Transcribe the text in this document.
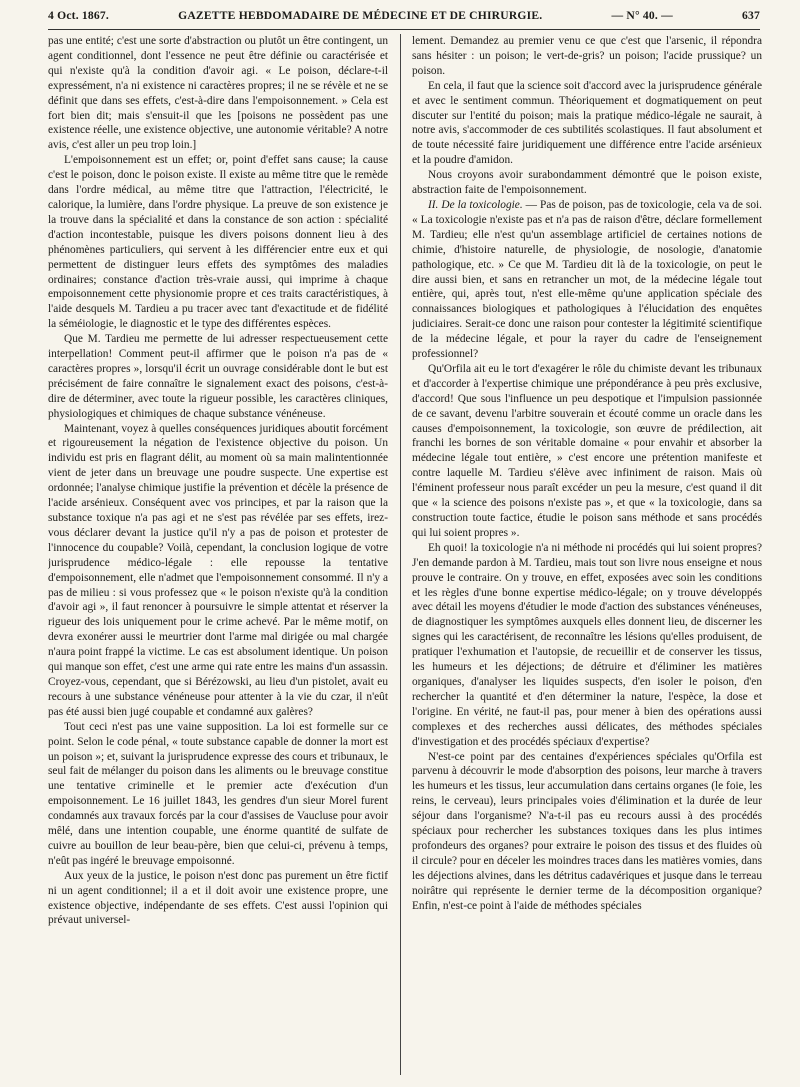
4 Oct. 1867.	GAZETTE HEBDOMADAIRE DE MÉDECINE ET DE CHIRURGIE.	— N° 40. —	637

pas une entité; c'est une sorte d'abstraction ou plutôt un être contingent, un agent conditionnel, dont l'essence ne peut être définie ou caractérisée et qui n'existe qu'à la condition d'avoir agi. « Le poison, déclare-t-il expressément, n'a ni existence ni caractères propres; il ne se révèle et ne se définit que dans ses effets, c'est-à-dire dans l'empoisonnement. » Cela est fort bien dit; mais s'ensuit-il que les [poisons ne possèdent pas une existence réelle, une existence objective, une autonomie véritable? A notre avis, c'est aller un peu trop loin.]

L'empoisonnement est un effet; or, point d'effet sans cause; la cause c'est le poison, donc le poison existe. Il existe au même titre que le remède dans l'ordre médical, au même titre que l'attraction, l'électricité, le calorique, la lumière, dans l'ordre physique. La preuve de son existence je la trouve dans la spécialité et dans la constance de son action : spécialité d'action incontestable, puisque les divers poisons donnent lieu à des phénomènes particuliers, qui servent à les différencier entre eux et qui permettent de distinguer leurs effets des symptômes des maladies ordinaires; constance d'action très-vraie aussi, qui imprime à chaque empoisonnement cette physionomie propre et ces traits caractéristiques, à l'aide desquels M. Tardieu a pu tracer avec tant d'exactitude et de fidélité la séméiologie, le diagnostic et le type des différentes espèces.

Que M. Tardieu me permette de lui adresser respectueusement cette interpellation! Comment peut-il affirmer que le poison n'a pas de « caractères propres », lorsqu'il écrit un ouvrage considérable dont le but est précisément de faire connaître le signalement exact des poisons, c'est-à-dire de déterminer, avec toute la rigueur possible, les caractères cliniques, physiologiques et chimiques de chaque substance vénéneuse.

Maintenant, voyez à quelles conséquences juridiques aboutit forcément et rigoureusement la négation de l'existence objective du poison. Un individu est pris en flagrant délit, au moment où sa main malintentionnée vient de jeter dans un breuvage une poudre suspecte. Une expertise est ordonnée; l'analyse chimique justifie la prévention et décèle la présence de l'acide arsénieux. Conséquent avec vos principes, et par la raison que la substance toxique n'a pas agi et ne s'est pas révélée par ses effets, irez-vous déclarer devant la justice qu'il n'y a pas de poison et protester de l'innocence du coupable? Voilà, cependant, la conclusion logique de votre jurisprudence médico-légale : elle repousse la tentative d'empoisonnement, elle n'admet que l'empoisonnement consommé. Il n'y a pas de milieu : si vous professez que « le poison n'existe qu'à la condition d'avoir agi », il faut renoncer à poursuivre le simple attentat et réserver la rigueur des lois uniquement pour le crime achevé. Par le même motif, on devra exonérer aussi le meurtrier dont l'arme mal dirigée ou mal chargée n'aura point frappé la victime. Le cas est absolument identique. Un poison qui manque son effet, c'est une arme qui rate entre les mains d'un assassin. Croyez-vous, cependant, que si Bérézowski, au lieu d'un pistolet, avait eu recours à une substance vénéneuse pour attenter à la vie du czar, il n'eût pas été aussi bien jugé coupable et condamné aux galères?

Tout ceci n'est pas une vaine supposition. La loi est formelle sur ce point. Selon le code pénal, « toute substance capable de donner la mort est un poison »; et, suivant la jurisprudence expresse des cours et tribunaux, le seul fait de mélanger du poison dans les aliments ou le breuvage constitue une tentative criminelle et le premier acte d'exécution d'un empoisonnement. Le 16 juillet 1843, les gendres d'un sieur Morel furent condamnés aux travaux forcés par la cour d'assises de Vaucluse pour avoir mêlé, dans une intention coupable, une énorme quantité de sulfate de cuivre au bouillon de leur beau-père, bien que celui-ci, prévenu à temps, n'eût pas ingéré le breuvage empoisonné.

Aux yeux de la justice, le poison n'est donc pas purement un être fictif ni un agent conditionnel; il a et il doit avoir une existence propre, une existence objective, indépendante de ses effets. C'est aussi l'opinion qui prévaut universel-

lement. Demandez au premier venu ce que c'est que l'arsenic, il répondra sans hésiter : un poison; le vert-de-gris? un poison; l'acide prussique? un poison.

En cela, il faut que la science soit d'accord avec la jurisprudence générale et avec le sentiment commun. Théoriquement et dogmatiquement on peut discuter sur l'entité du poison; mais la pratique médico-légale ne saurait, à notre avis, s'accommoder de ces subtilités scolastiques. Il faut absolument et de toute nécessité faire juridiquement une différence entre l'acide arsénieux et la poudre d'amidon.

Nous croyons avoir surabondamment démontré que le poison existe, abstraction faite de l'empoisonnement.

II. De la toxicologie. — Pas de poison, pas de toxicologie, cela va de soi. « La toxicologie n'existe pas et n'a pas de raison d'être, déclare formellement M. Tardieu; elle n'est qu'un assemblage artificiel de certaines notions de chimie, d'histoire naturelle, de physiologie, de nosologie, d'anatomie pathologique, etc. » Ce que M. Tardieu dit là de la toxicologie, on peut le dire aussi bien, et sans en retrancher un mot, de la médecine légale tout entière, qui, après tout, n'est elle-même qu'une application spéciale des connaissances biologiques et pathologiques à l'élucidation des enquêtes judiciaires. Serait-ce donc une raison pour contester la légitimité scientifique de la médecine légale, et pour la rayer du cadre de l'enseignement professionnel?

Qu'Orfila ait eu le tort d'exagérer le rôle du chimiste devant les tribunaux et d'accorder à l'expertise chimique une prépondérance à peu près exclusive, d'accord! Que sous l'influence un peu despotique et l'impulsion passionnée de ce savant, devenu l'arbitre souverain et écouté comme un oracle dans les causes d'empoisonnement, la toxicologie, son œuvre de prédilection, ait franchi les bornes de son véritable domaine « pour envahir et absorber la médecine légale tout entière, » c'est encore une prétention manifeste et contre laquelle M. Tardieu s'élève avec infiniment de raison. Mais où l'éminent professeur nous paraît excéder un peu la mesure, c'est quand il dit que « la science des poisons n'existe pas », et que « la toxicologie, dans sa construction toute factice, étudie le poison sans méthode et sans procédés qui lui soient propres ».

Eh quoi! la toxicologie n'a ni méthode ni procédés qui lui soient propres? J'en demande pardon à M. Tardieu, mais tout son livre nous enseigne et nous prouve le contraire. On y trouve, en effet, exposées avec soin les conditions et les règles d'une bonne expertise médico-légale; on y trouve développés avec détail les moyens d'étudier le mode d'action des substances vénéneuses, de diagnostiquer les symptômes auxquels elles donnent lieu, de discerner les signes qui les caractérisent, de reconnaître les lésions qu'elles produisent, de pratiquer l'exhumation et l'autopsie, de recueillir et de conserver les tissus, les humeurs et les déjections; de détruire et d'éliminer les matières organiques, d'analyser les liquides suspects, d'en isoler le poison, d'en rechercher la quantité et d'en déterminer la nature, l'espèce, la dose et l'origine. En vérité, ne faut-il pas, pour mener à bien des opérations aussi complexes et des recherches aussi délicates, des méthodes spéciales d'investigation et des procédés spéciaux d'expertise?

N'est-ce point par des centaines d'expériences spéciales qu'Orfila est parvenu à découvrir le mode d'absorption des poisons, leur marche à travers les humeurs et les tissus, leur accumulation dans certains organes (le foie, les reins, le cerveau), leurs principales voies d'élimination et la durée de leur séjour dans l'organisme? N'a-t-il pas eu recours aussi à des procédés spéciaux pour rechercher les substances toxiques dans les plus intimes profondeurs des organes? pour extraire le poison des tissus et des fluides où il circule? pour en déceler les moindres traces dans les matières vomies, dans les déjections alvines, dans les détritus cadavériques et jusque dans le terreau noirâtre qui représente le dernier terme de la décomposition organique? Enfin, n'est-ce point à l'aide de méthodes spéciales
